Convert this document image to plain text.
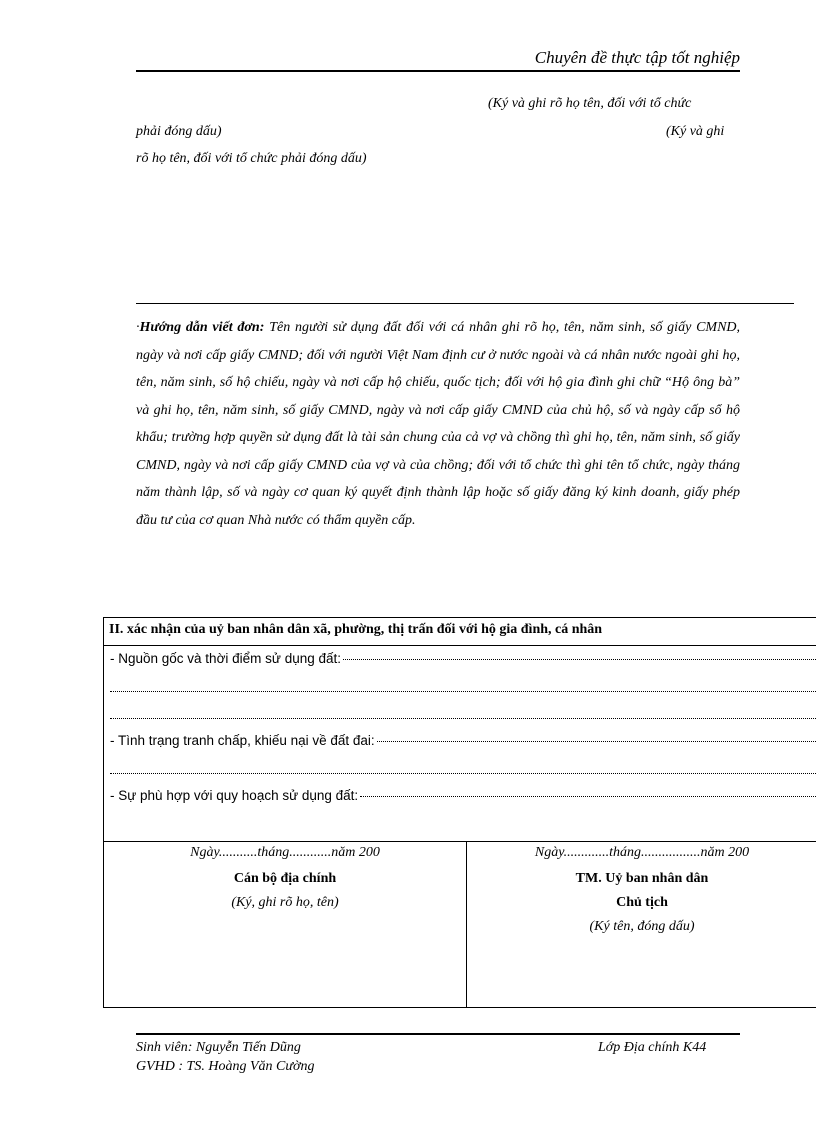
Chuyên đề thực tập tốt nghiệp
(Ký và ghi rõ họ tên, đối với tổ chức
phải đóng dấu)	(Ký và ghi
rõ họ tên, đối với tổ chức phải đóng dấu)
·Hướng dẫn viết đơn: Tên người sử dụng đất đối với cá nhân ghi rõ họ, tên, năm sinh, số giấy CMND, ngày và nơi cấp giấy CMND; đối với người Việt Nam định cư ở nước ngoài và cá nhân nước ngoài ghi họ, tên, năm sinh, số hộ chiếu, ngày và nơi cấp hộ chiếu, quốc tịch; đối với hộ gia đình ghi chữ “Hộ ông bà” và ghi họ, tên, năm sinh, số giấy CMND, ngày và nơi cấp giấy CMND của chủ hộ, số và ngày cấp sổ hộ khẩu; trường hợp quyền sử dụng đất là tài sản chung của cả vợ và chồng thì ghi họ, tên, năm sinh, số giấy CMND, ngày và nơi cấp giấy CMND của vợ và của chồng; đối với tổ chức thì ghi tên tổ chức, ngày tháng năm thành lập, số và ngày cơ quan ký quyết định thành lập hoặc số giấy đăng ký kinh doanh, giấy phép đầu tư của cơ quan Nhà nước có thẩm quyền cấp.
II. xác nhận của uỷ ban nhân dân xã, phường, thị trấn đối với hộ gia đình, cá nhân
- Nguồn gốc và thời điểm sử dụng đất:
- Tình trạng tranh chấp, khiếu nại về đất đai:
- Sự phù hợp với quy hoạch sử dụng đất:
Ngày...........tháng............năm 200
Cán bộ địa chính
(Ký, ghi rõ họ, tên)
Ngày.............tháng.................năm 200
TM. Uỷ ban nhân dân
Chủ tịch
(Ký tên, đóng dấu)
Sinh viên: Nguyễn Tiến Dũng
GVHD : TS. Hoàng Văn Cường
Lớp Địa chính K44
